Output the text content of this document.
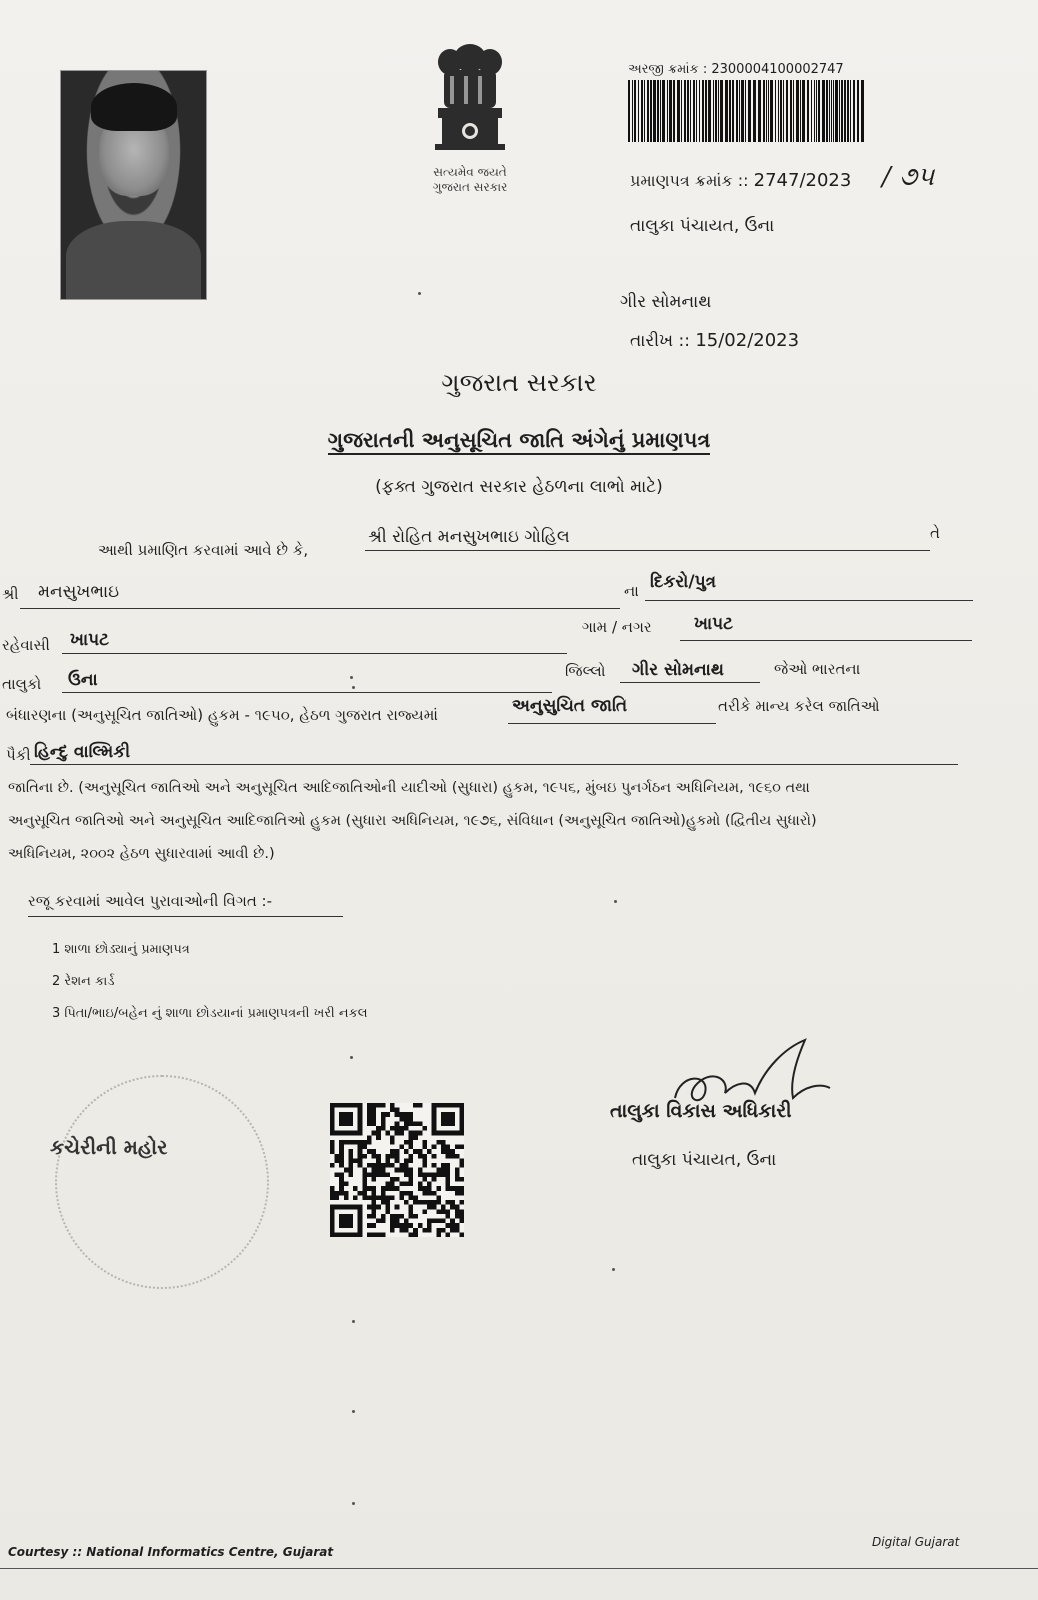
સત્યમેવ જયતે
ગુજરાત સરકાર
અરજી ક્રમાંક : 2300004100002747
પ્રમાણપત્ર ક્રમાંક :: 2747/2023 / ૭૫
તાલુકા પંચાયત, ઉના
ગીર સોમનાથ
તારીખ :: 15/02/2023
ગુજરાત સરકાર
ગુજરાતની અનુસૂચિત જાતિ અંગેનું પ્રમાણપત્ર
(ફક્ત ગુજરાત સરકાર હેઠળના લાભો માટે)
આથી પ્રમાણિત કરવામાં આવે છે કે,
શ્રી રોહિત મનસુખભાઇ ગોહિલ	તે
શ્રી મનસુખભાઇ	ના દિકરો/પુત્ર
રહેવાસી ખાપટ
ગામ / નગર ખાપટ
તાલુકો ઉના	જિલ્લો ગીર સોમનાથ	જેઓ ભારતના
બંધારણના (અનુસૂચિત જાતિઓ) હુકમ - ૧૯૫૦, હેઠળ ગુજરાત રાજ્યમાં	અનુસુચિત જાતિ	તરીકે માન્ય કરેલ જાતિઓ
પૈકી હિન્દુ વાલ્મિકી
જાતિના છે. (અનુસૂચિત જાતિઓ અને અનુસૂચિત આદિજાતિઓની યાદીઓ (સુધારા) હુકમ, ૧૯૫૬, મુંબઇ પુનર્ગઠન અધિનિયમ, ૧૯૬૦ તથા
અનુસૂચિત જાતિઓ અને અનુસૂચિત આદિજાતિઓ હુકમ (સુધારા અધિનિયમ, ૧૯૭૬, સંવિધાન (અનુસૂચિત જાતિઓ)હુકમો (દ્વિતીય સુધારો)
અધિનિયમ, ૨૦૦૨ હેઠળ સુધારવામાં આવી છે.)
રજૂ કરવામાં આવેલ પુરાવાઓની વિગત :-
1 શાળા છોડ્યાનું પ્રમાણપત્ર
2 રેશન કાર્ડ
3 પિતા/ભાઇ/બહેન નું શાળા છોડયાનાં પ્રમાણપત્રની ખરી નકલ
કચેરીની મહોર
તાલુકા વિકાસ અધિકારી
તાલુકા પંચાયત, ઉના
Digital Gujarat
Courtesy :: National Informatics Centre, Gujarat
